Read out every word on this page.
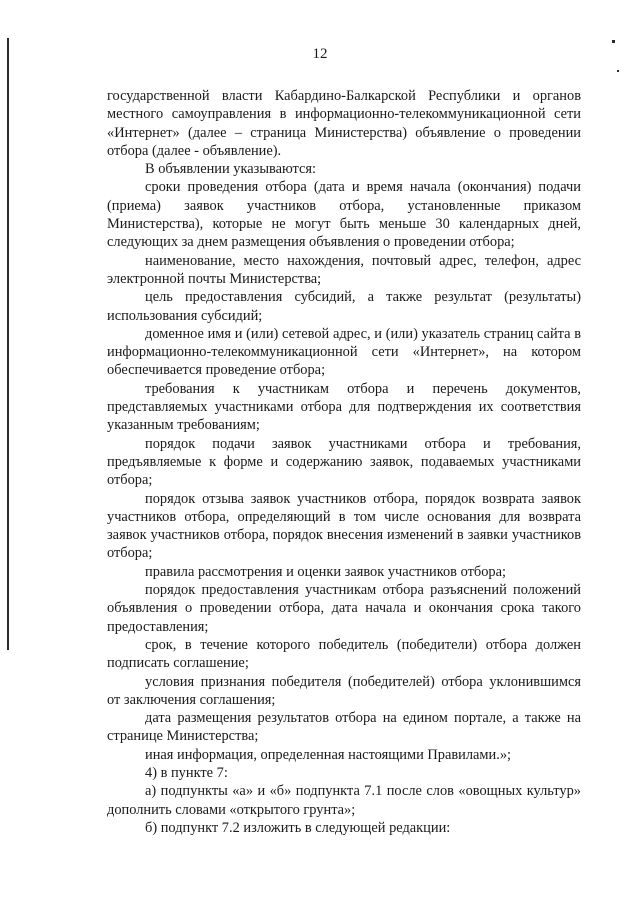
12

государственной власти Кабардино-Балкарской Республики и органов местного самоуправления в информационно-телекоммуникационной сети «Интернет» (далее – страница Министерства) объявление о проведении отбора (далее - объявление).

В объявлении указываются:

сроки проведения отбора (дата и время начала (окончания) подачи (приема) заявок участников отбора, установленные приказом Министерства), которые не могут быть меньше 30 календарных дней, следующих за днем размещения объявления о проведении отбора;

наименование, место нахождения, почтовый адрес, телефон, адрес электронной почты Министерства;

цель предоставления субсидий, а также результат (результаты) использования субсидий;

доменное имя и (или) сетевой адрес, и (или) указатель страниц сайта в информационно-телекоммуникационной сети «Интернет», на котором обеспечивается проведение отбора;

требования к участникам отбора и перечень документов, представляемых участниками отбора для подтверждения их соответствия указанным требованиям;

порядок подачи заявок участниками отбора и требования, предъявляемые к форме и содержанию заявок, подаваемых участниками отбора;

порядок отзыва заявок участников отбора, порядок возврата заявок участников отбора, определяющий в том числе основания для возврата заявок участников отбора, порядок внесения изменений в заявки участников отбора;

правила рассмотрения и оценки заявок участников отбора;

порядок предоставления участникам отбора разъяснений положений объявления о проведении отбора, дата начала и окончания срока такого предоставления;

срок, в течение которого победитель (победители) отбора должен подписать соглашение;

условия признания победителя (победителей) отбора уклонившимся от заключения соглашения;

дата размещения результатов отбора на едином портале, а также на странице Министерства;

иная информация, определенная настоящими Правилами.»;

4) в пункте 7:

а) подпункты «а» и «б» подпункта 7.1 после слов «овощных культур» дополнить словами «открытого грунта»;

б) подпункт 7.2 изложить в следующей редакции:
